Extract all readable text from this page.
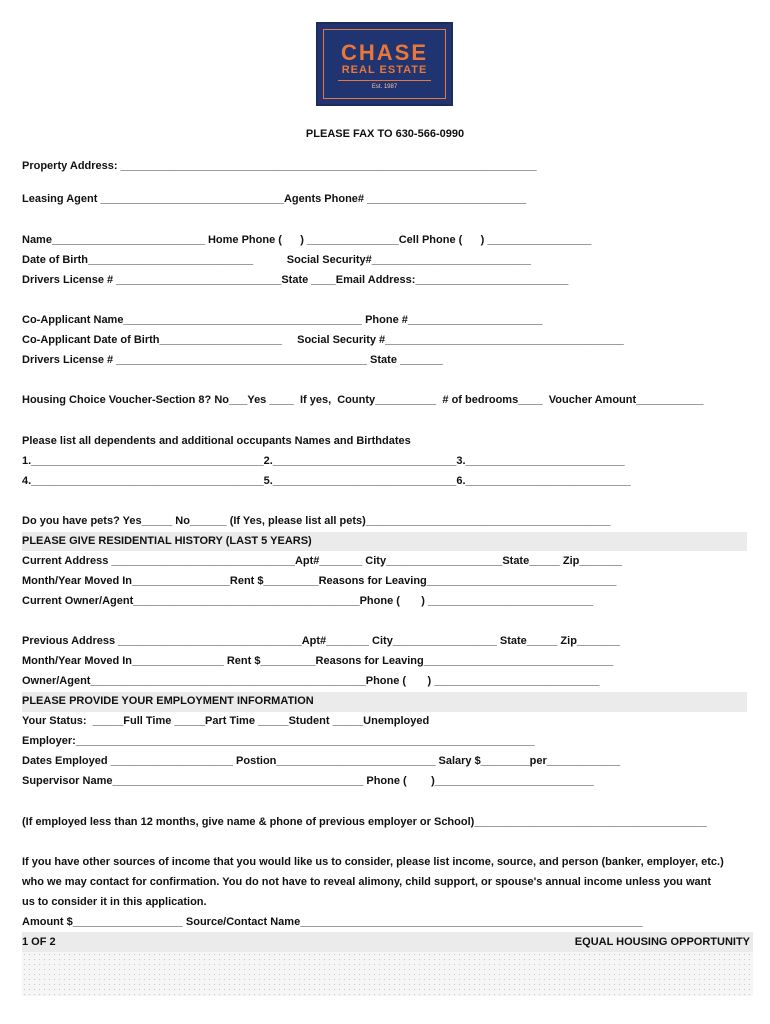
CHASE
REAL ESTATE
Est. 1987
PLEASE FAX TO 630-566-0990
Property Address: ____________________________________________________________________
Leasing Agent ______________________________Agents Phone# __________________________
Name_________________________ Home Phone (      ) _______________Cell Phone (      ) _________________
Date of Birth___________________________           Social Security#__________________________
Drivers License # ___________________________State ____Email Address:_________________________
Co-Applicant Name_______________________________________ Phone #______________________
Co-Applicant Date of Birth____________________     Social Security #_______________________________________
Drivers License # _________________________________________ State _______
Housing Choice Voucher-Section 8? No___Yes ____  If yes,  County__________  # of bedrooms____  Voucher Amount___________
Please list all dependents and additional occupants Names and Birthdates
1.______________________________________2.______________________________3.__________________________
4.______________________________________5.______________________________6.___________________________
Do you have pets? Yes_____ No______ (If Yes, please list all pets)________________________________________
PLEASE GIVE RESIDENTIAL HISTORY (LAST 5 YEARS)
Current Address ______________________________Apt#_______ City___________________State_____ Zip_______
Month/Year Moved In________________Rent $_________Reasons for Leaving_______________________________
Current Owner/Agent_____________________________________Phone (       ) ___________________________
Previous Address ______________________________Apt#_______ City_________________ State_____ Zip_______
Month/Year Moved In_______________ Rent $_________Reasons for Leaving_______________________________
Owner/Agent_____________________________________________Phone (       ) ___________________________
PLEASE PROVIDE YOUR EMPLOYMENT INFORMATION
Your Status:  _____Full Time _____Part Time _____Student _____Unemployed
Employer:___________________________________________________________________________
Dates Employed ____________________ Postion__________________________ Salary $________per____________
Supervisor Name_________________________________________ Phone (        )__________________________
(If employed less than 12 months, give name & phone of previous employer or School)______________________________________
If you have other sources of income that you would like us to consider, please list income, source, and person (banker, employer, etc.)
who we may contact for confirmation. You do not have to reveal alimony, child support, or spouse's annual income unless you want
us to consider it in this application.
Amount $__________________ Source/Contact Name________________________________________________________
1 OF 2	EQUAL HOUSING OPPORTUNITY
